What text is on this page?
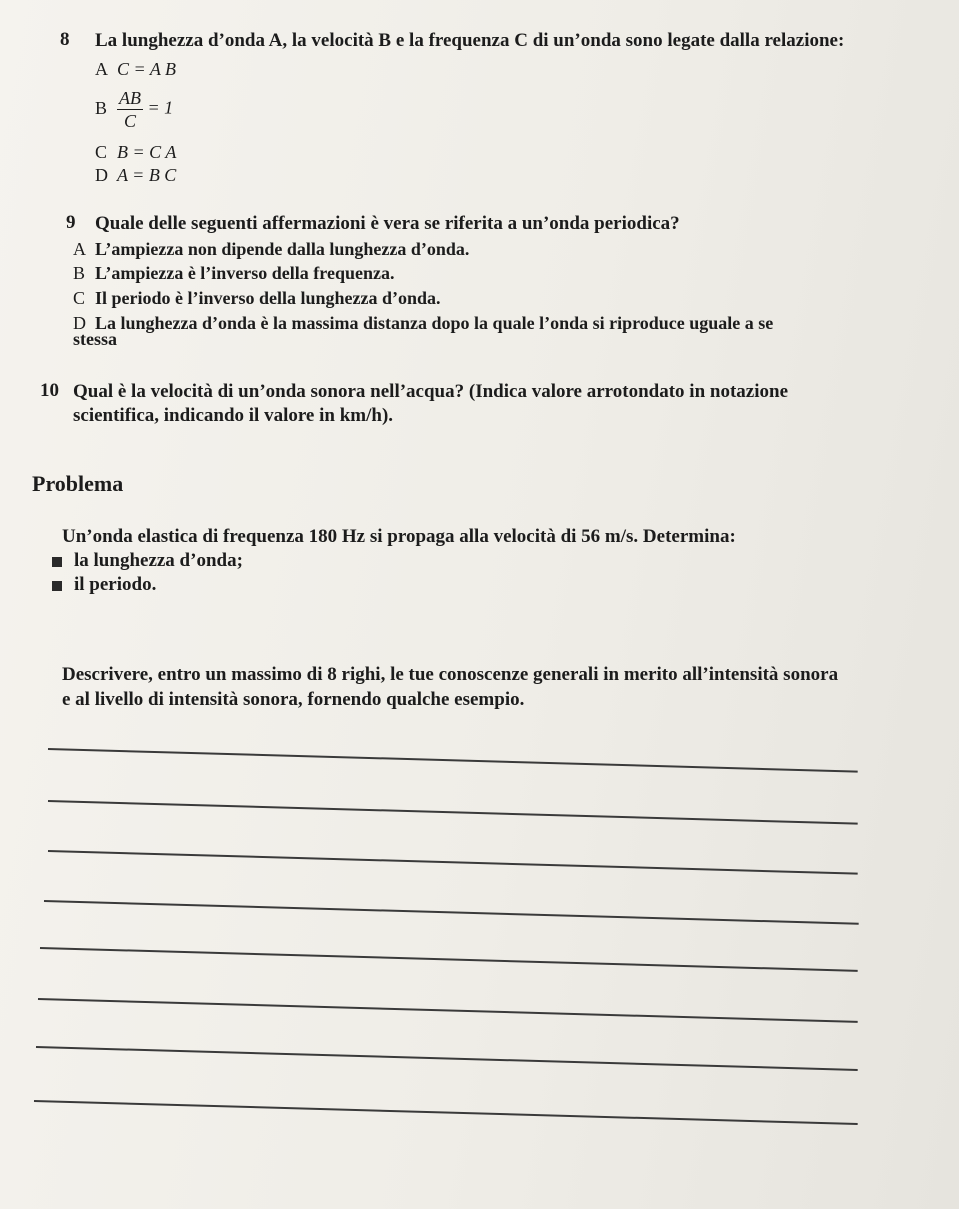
8 La lunghezza d’onda A, la velocità B e la frequenza C di un’onda sono legate dalla relazione:
A C = A B
B $\frac{AB}{C} = 1$
C B = C A
D A = B C
9 Quale delle seguenti affermazioni è vera se riferita a un’onda periodica?
A L’ampiezza non dipende dalla lunghezza d’onda.
B L’ampiezza è l’inverso della frequenza.
C Il periodo è l’inverso della lunghezza d’onda.
D La lunghezza d’onda è la massima distanza dopo la quale l’onda si riproduce uguale a se
stessa
10 Qual è la velocità di un’onda sonora nell’acqua? (Indica valore arrotondato in notazione
scientifica, indicando il valore in km/h).
Problema
Un’onda elastica di frequenza 180 Hz si propaga alla velocità di 56 m/s. Determina:
la lunghezza d’onda;
il periodo.
Descrivere, entro un massimo di 8 righi, le tue conoscenze generali in merito all’intensità sonora
e al livello di intensità sonora, fornendo qualche esempio.
